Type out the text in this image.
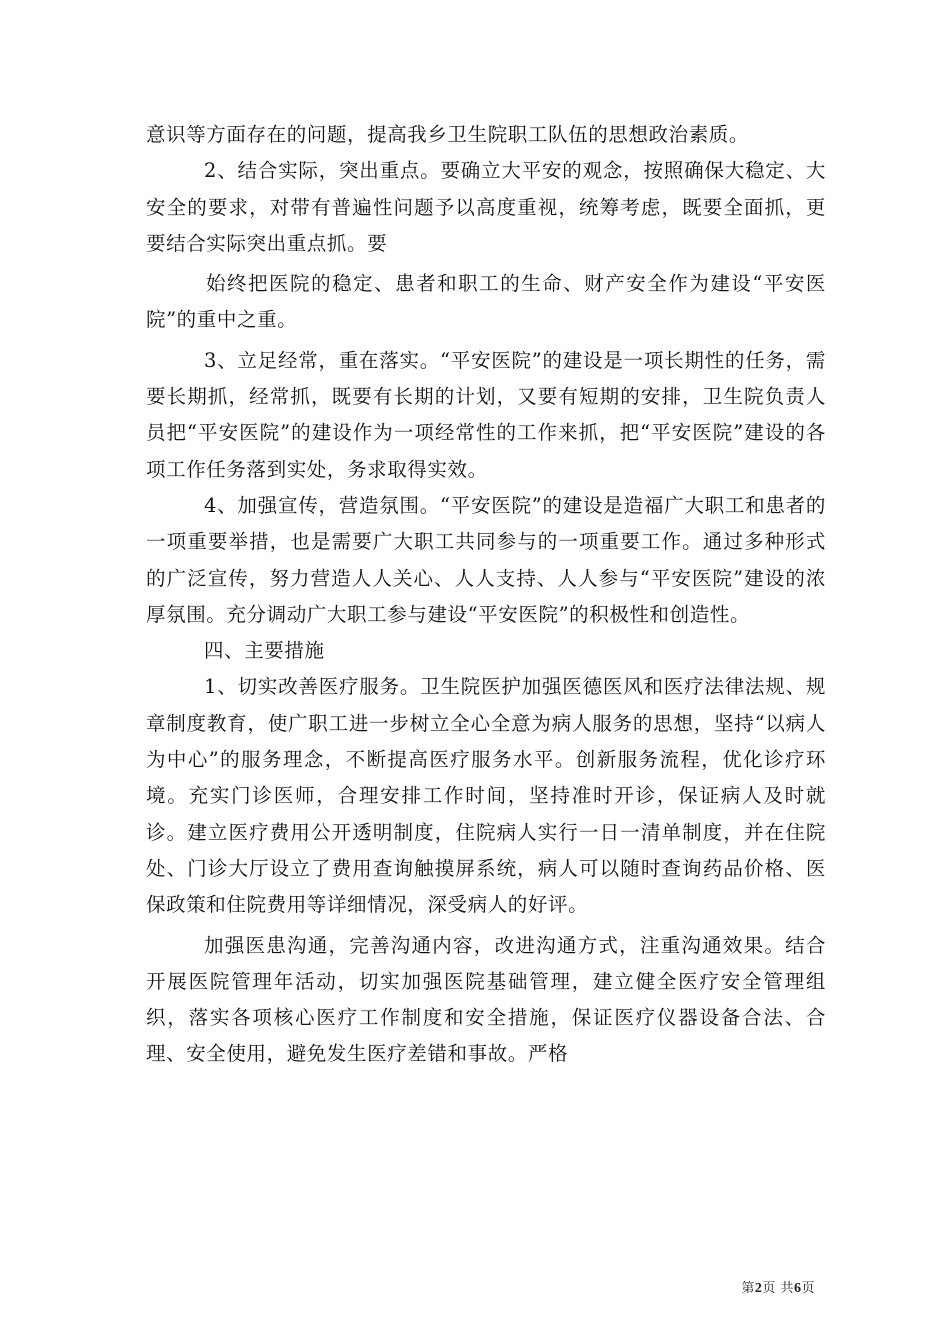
意识等方面存在的问题，提高我乡卫生院职工队伍的思想政治素质。

2、结合实际，突出重点。要确立大平安的观念，按照确保大稳定、大安全的要求，对带有普遍性问题予以高度重视，统筹考虑，既要全面抓，更要结合实际突出重点抓。要

始终把医院的稳定、患者和职工的生命、财产安全作为建设“平安医院”的重中之重。

3、立足经常，重在落实。“平安医院”的建设是一项长期性的任务，需要长期抓，经常抓，既要有长期的计划，又要有短期的安排，卫生院负责人员把“平安医院”的建设作为一项经常性的工作来抓，把“平安医院”建设的各项工作任务落到实处，务求取得实效。

4、加强宣传，营造氛围。“平安医院”的建设是造福广大职工和患者的一项重要举措，也是需要广大职工共同参与的一项重要工作。通过多种形式的广泛宣传，努力营造人人关心、人人支持、人人参与“平安医院”建设的浓厚氛围。充分调动广大职工参与建设“平安医院”的积极性和创造性。

四、主要措施

1、切实改善医疗服务。卫生院医护加强医德医风和医疗法律法规、规章制度教育，使广职工进一步树立全心全意为病人服务的思想，坚持“以病人为中心”的服务理念，不断提高医疗服务水平。创新服务流程，优化诊疗环境。充实门诊医师，合理安排工作时间，坚持准时开诊，保证病人及时就诊。建立医疗费用公开透明制度，住院病人实行一日一清单制度，并在住院处、门诊大厅设立了费用查询触摸屏系统，病人可以随时查询药品价格、医保政策和住院费用等详细情况，深受病人的好评。

加强医患沟通，完善沟通内容，改进沟通方式，注重沟通效果。结合开展医院管理年活动，切实加强医院基础管理，建立健全医疗安全管理组织，落实各项核心医疗工作制度和安全措施，保证医疗仪器设备合法、合理、安全使用，避免发生医疗差错和事故。严格

第2页 共6页
